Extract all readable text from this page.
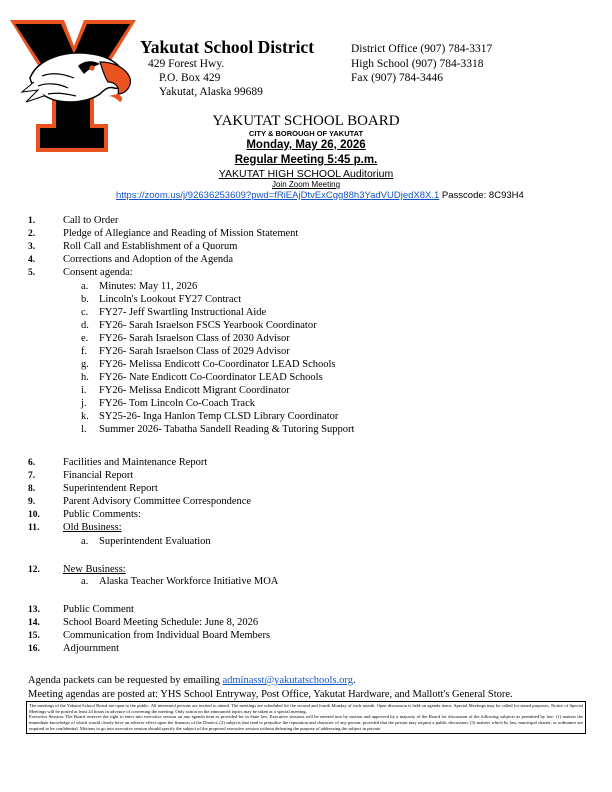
Yakutat School District
429 Forest Hwy.
P.O. Box 429
Yakutat, Alaska 99689
District Office (907) 784-3317
High School (907) 784-3318
Fax (907) 784-3446
YAKUTAT SCHOOL BOARD
CITY & BOROUGH OF YAKUTAT
Monday, May 26, 2026
Regular Meeting 5:45 p.m.
YAKUTAT HIGH SCHOOL Auditorium
Join Zoom Meeting
https://zoom.us/j/92636253609?pwd=fRiEAjDtvExCgg88h3YadVUDjedX8X.1 Passcode: 8C93H4
1.	Call to Order
2.	Pledge of Allegiance and Reading of Mission Statement
3.	Roll Call and Establishment of a Quorum
4.	Corrections and Adoption of the Agenda
5.	Consent agenda:
a. Minutes: May 11, 2026
b. Lincoln's Lookout FY27 Contract
c. FY27- Jeff Swartling Instructional Aide
d. FY26- Sarah Israelson FSCS Yearbook Coordinator
e. FY26- Sarah Israelson Class of 2030 Advisor
f. FY26- Sarah Israelson Class of 2029 Advisor
g. FY26- Melissa Endicott Co-Coordinator LEAD Schools
h. FY26- Nate Endicott Co-Coordinator LEAD Schools
i. FY26- Melissa Endicott Migrant Coordinator
j. FY26- Tom Lincoln Co-Coach Track
k. SY25-26- Inga Hanlon Temp CLSD Library Coordinator
l. Summer 2026- Tabatha Sandell Reading & Tutoring Support
6.	Facilities and Maintenance Report
7.	Financial Report
8.	Superintendent Report
9.	Parent Advisory Committee Correspondence
10. Public Comments:
11. Old Business:
a. Superintendent Evaluation
12. New Business:
a. Alaska Teacher Workforce Initiative MOA
13. Public Comment
14. School Board Meeting Schedule: June 8, 2026
15. Communication from Individual Board Members
16. Adjournment
Agenda packets can be requested by emailing adminasst@yakutatschools.org.
Meeting agendas are posted at: YHS School Entryway, Post Office, Yakutat Hardware, and Mallott's General Store.
The meetings of the Yakutat School Board are open to the public. All interested persons are invited to attend. The meetings are scheduled for the second and fourth Monday of each month. Open discussion is held on agenda items. Special Meetings may be called for stated purposes. Notice of Special Meetings will be posted at least 24 hours in advance of convening the meeting. Only action on the announced topics may be taken at a special meeting.
Executive Session: The Board reserves the right to enter into executive session on any agenda item as provided for in State law. Executive sessions will be entered into by motion and approved by a majority of the Board for discussion of the following subjects as permitted by law: (1) matters the immediate knowledge of which would clearly have an adverse effect upon the finances of the District; (2) subjects that tend to prejudice the reputation and character of any person, provided that the person may request a public discussion; (3) matters which by law, municipal charter, or ordinance are required to be confidential. Motions to go into executive session should specify the subject of the proposed executive session without defeating the purpose of addressing the subject in private.
